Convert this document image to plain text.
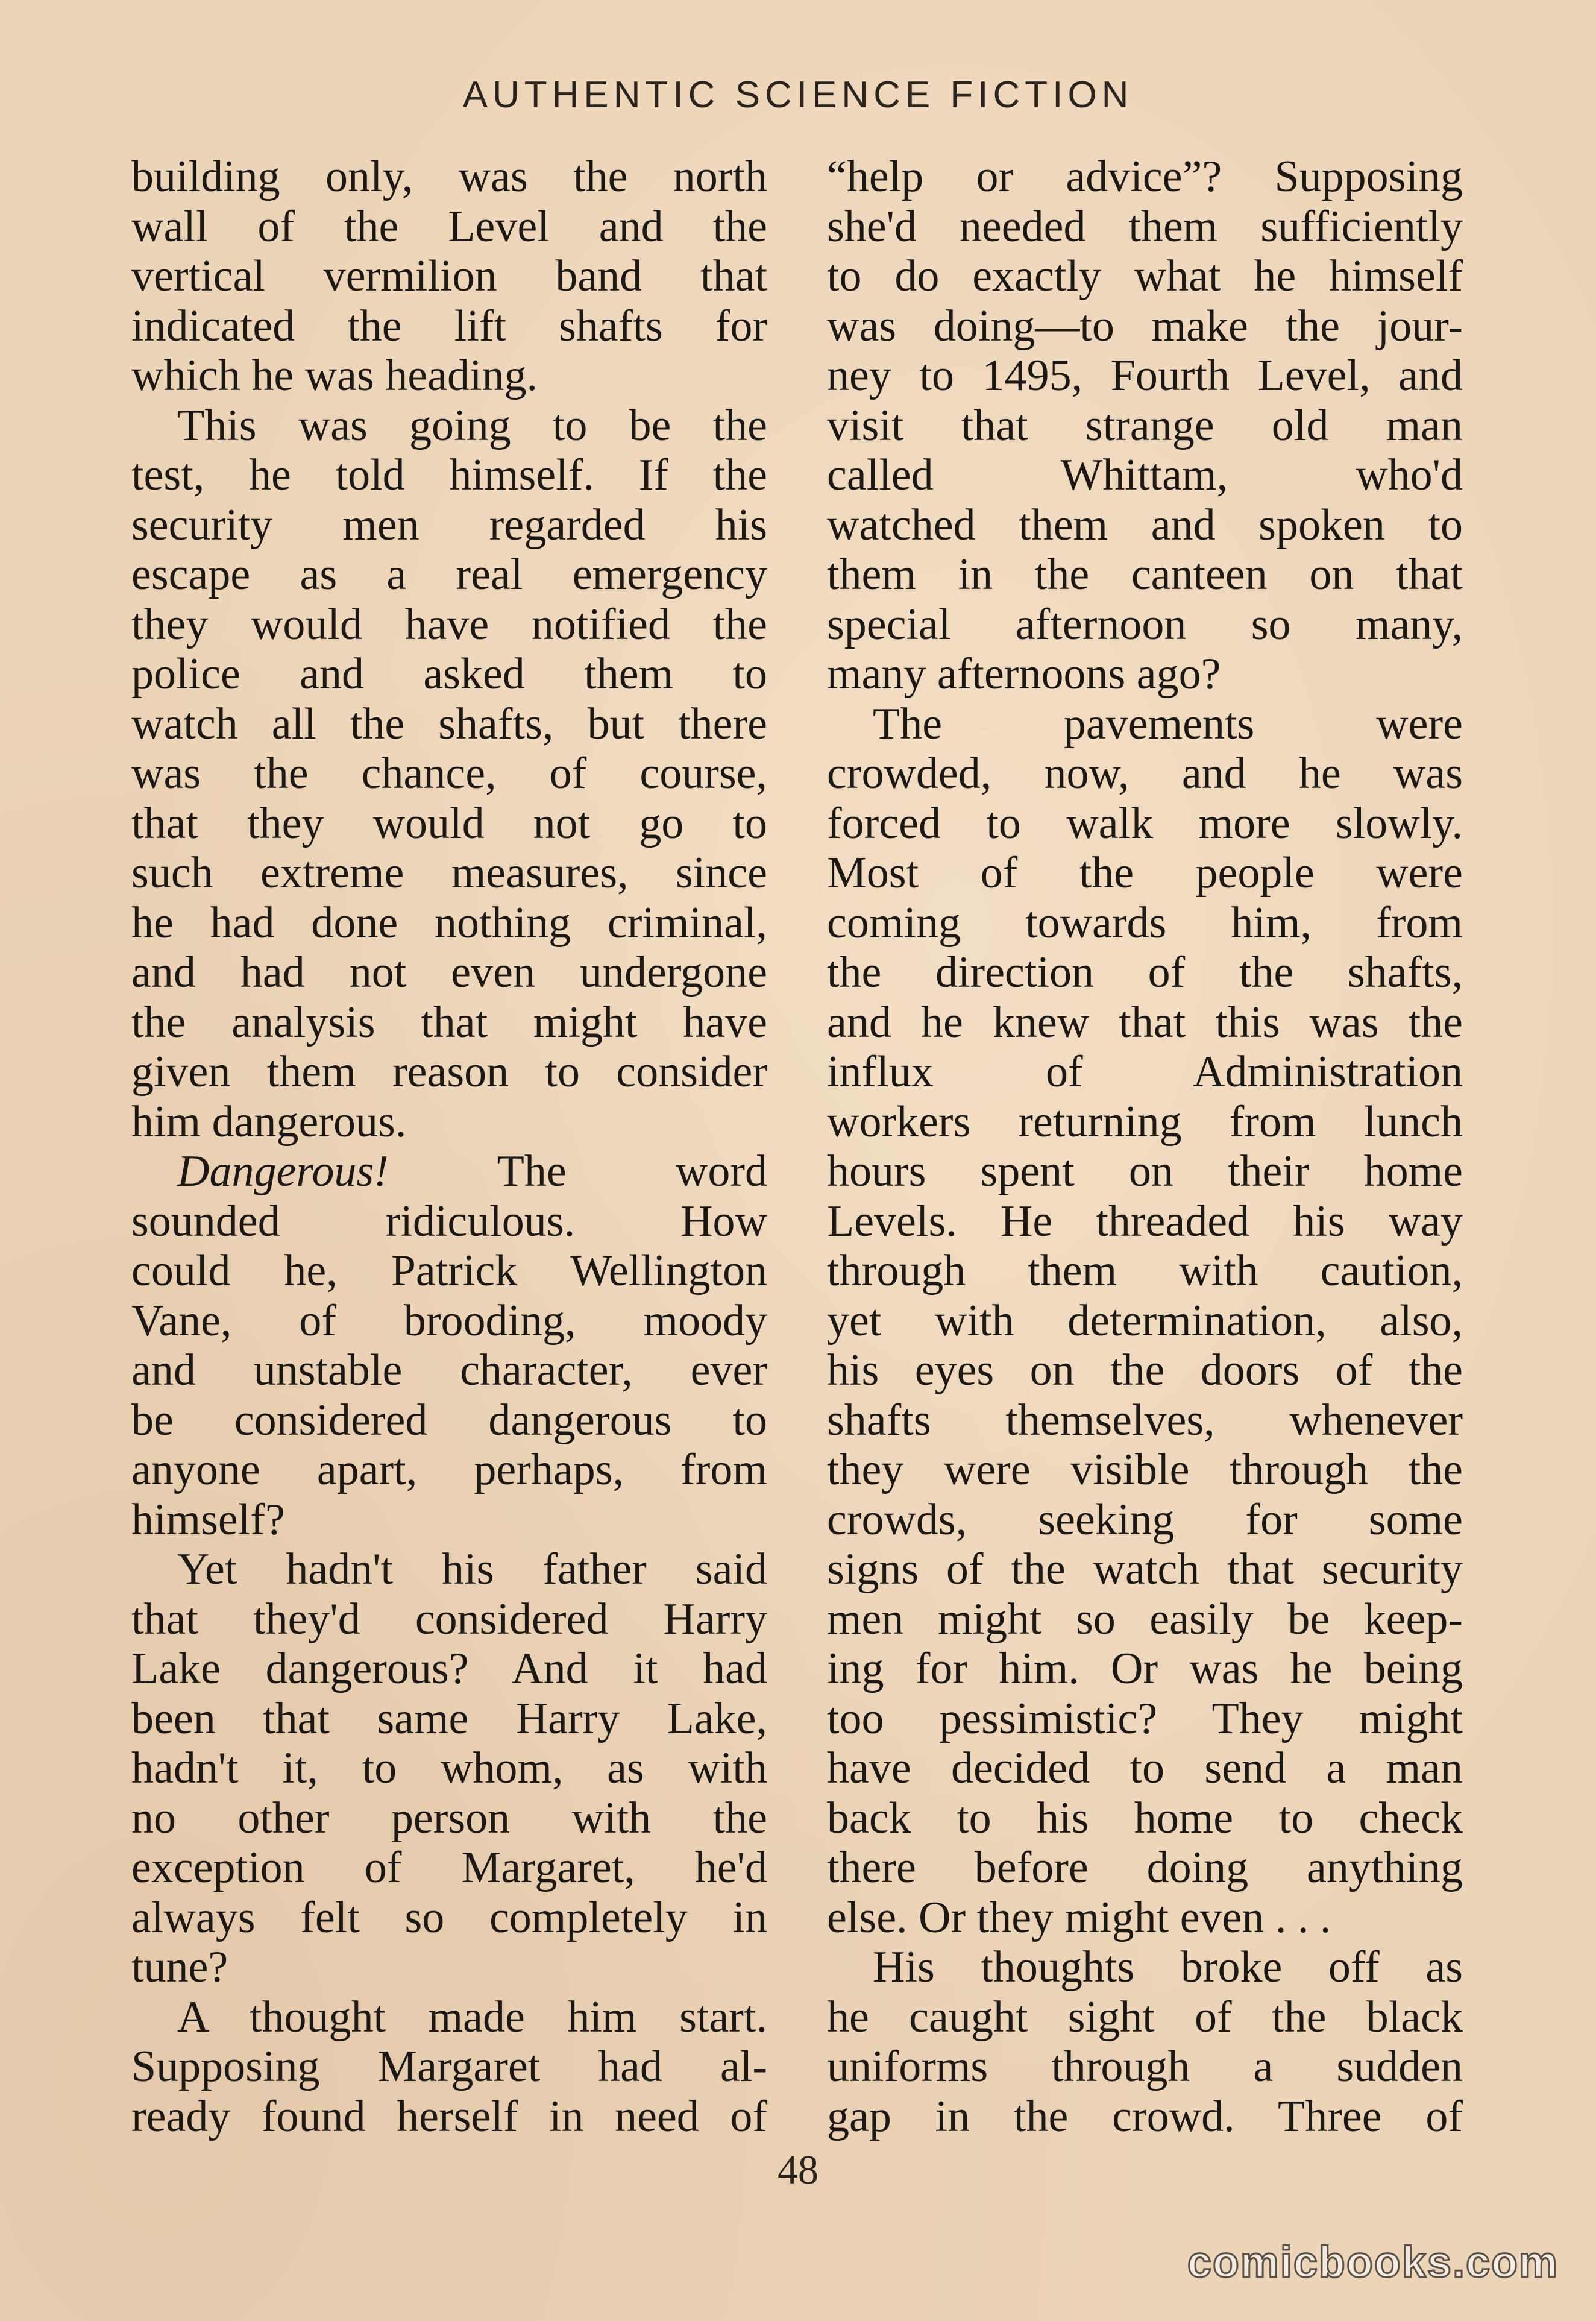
AUTHENTIC SCIENCE FICTION
building only, was the north
wall of the Level and the
vertical vermilion band that
indicated the lift shafts for
which he was heading.
This was going to be the
test, he told himself. If the
security men regarded his
escape as a real emergency
they would have notified the
police and asked them to
watch all the shafts, but there
was the chance, of course,
that they would not go to
such extreme measures, since
he had done nothing criminal,
and had not even undergone
the analysis that might have
given them reason to consider
him dangerous.
Dangerous! The word
sounded ridiculous. How
could he, Patrick Wellington
Vane, of brooding, moody
and unstable character, ever
be considered dangerous to
anyone apart, perhaps, from
himself?
Yet hadn't his father said
that they'd considered Harry
Lake dangerous? And it had
been that same Harry Lake,
hadn't it, to whom, as with
no other person with the
exception of Margaret, he'd
always felt so completely in
tune?
A thought made him start.
Supposing Margaret had al-
ready found herself in need of
“help or advice”? Supposing
she'd needed them sufficiently
to do exactly what he himself
was doing—to make the jour-
ney to 1495, Fourth Level, and
visit that strange old man
called Whittam, who'd
watched them and spoken to
them in the canteen on that
special afternoon so many,
many afternoons ago?
The pavements were
crowded, now, and he was
forced to walk more slowly.
Most of the people were
coming towards him, from
the direction of the shafts,
and he knew that this was the
influx of Administration
workers returning from lunch
hours spent on their home
Levels. He threaded his way
through them with caution,
yet with determination, also,
his eyes on the doors of the
shafts themselves, whenever
they were visible through the
crowds, seeking for some
signs of the watch that security
men might so easily be keep-
ing for him. Or was he being
too pessimistic? They might
have decided to send a man
back to his home to check
there before doing anything
else. Or they might even . . .
His thoughts broke off as
he caught sight of the black
uniforms through a sudden
gap in the crowd. Three of
48
comicbooks.com
